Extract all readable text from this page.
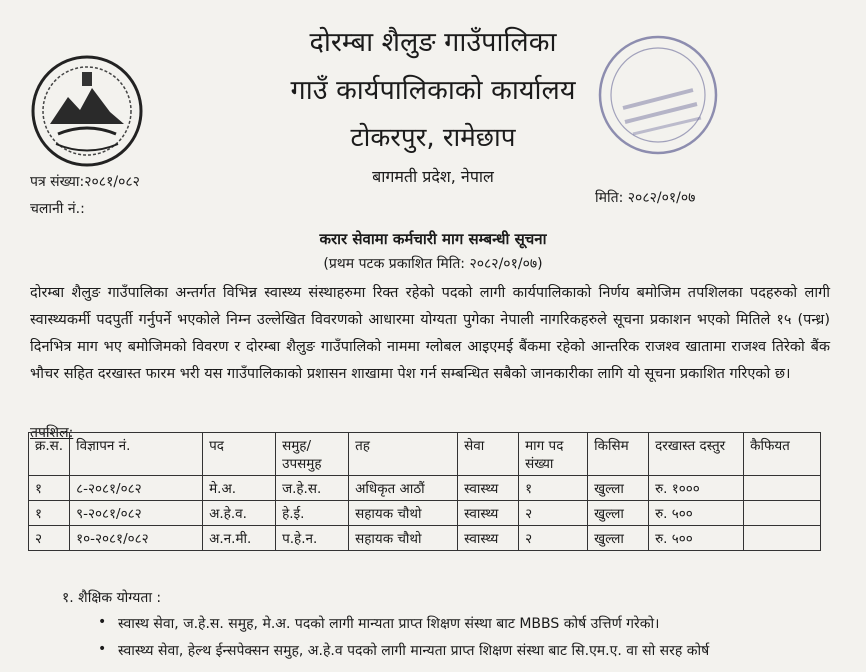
दोरम्बा शैलुङ गाउँपालिका
गाउँ कार्यपालिकाको कार्यालय
टोकरपुर, रामेछाप
बागमती प्रदेश, नेपाल
पत्र संख्या:२०८१/०८२
चलानी नं.:
मिति: २०८२/०१/०७
करार सेवामा कर्मचारी माग सम्बन्धी सूचना
(प्रथम पटक प्रकाशित मिति: २०८२/०१/०७)
दोरम्बा शैलुङ गाउँपालिका अन्तर्गत विभिन्न स्वास्थ्य संस्थाहरुमा रिक्त रहेको पदको लागी कार्यपालिकाको निर्णय बमोजिम तपशिलका पदहरुको लागी स्वास्थ्यकर्मी पदपुर्ती गर्नुपर्ने भएकोले निम्न उल्लेखित विवरणको आधारमा योग्यता पुगेका नेपाली नागरिकहरुले सूचना प्रकाशन भएको मितिले १५ (पन्ध्र) दिनभित्र माग भए बमोजिमको विवरण र दोरम्बा शैलुङ गाउँपालिको नाममा ग्लोबल आइएमई बैंकमा रहेको आन्तरिक राजश्व खातामा राजश्व तिरेको बैंक भौचर सहित दरखास्त फारम भरी यस गाउँपालिकाको प्रशासन शाखामा पेश गर्न सम्बन्धित सबैको जानकारीका लागि यो सूचना प्रकाशित गरिएको छ।
तपशिल:
क्र.स.	विज्ञापन नं.	पद	समुह/ उपसमुह	तह	सेवा	माग पद संख्या	किसिम	दरखास्त दस्तुर	कैफियत
१	८-२०८१/०८२	मे.अ.	ज.हे.स.	अधिकृत आठौं	स्वास्थ्य	१	खुल्ला	रु. १०००	
१	९-२०८१/०८२	अ.हे.व.	हे.ई.	सहायक चौथो	स्वास्थ्य	२	खुल्ला	रु. ५००	
२	१०-२०८१/०८२	अ.न.मी.	प.हे.न.	सहायक चौथो	स्वास्थ्य	२	खुल्ला	रु. ५००	
१. शैक्षिक योग्यता :
• स्वास्थ सेवा, ज.हे.स. समुह, मे.अ. पदको लागी मान्यता प्राप्त शिक्षण संस्था बाट MBBS कोर्ष उत्तिर्ण गरेको।
• स्वास्थ्य सेवा, हेल्थ ईन्सपेक्सन समुह, अ.हे.व पदको लागी मान्यता प्राप्त शिक्षण संस्था बाट सि.एम.ए. वा सो सरह कोर्ष
